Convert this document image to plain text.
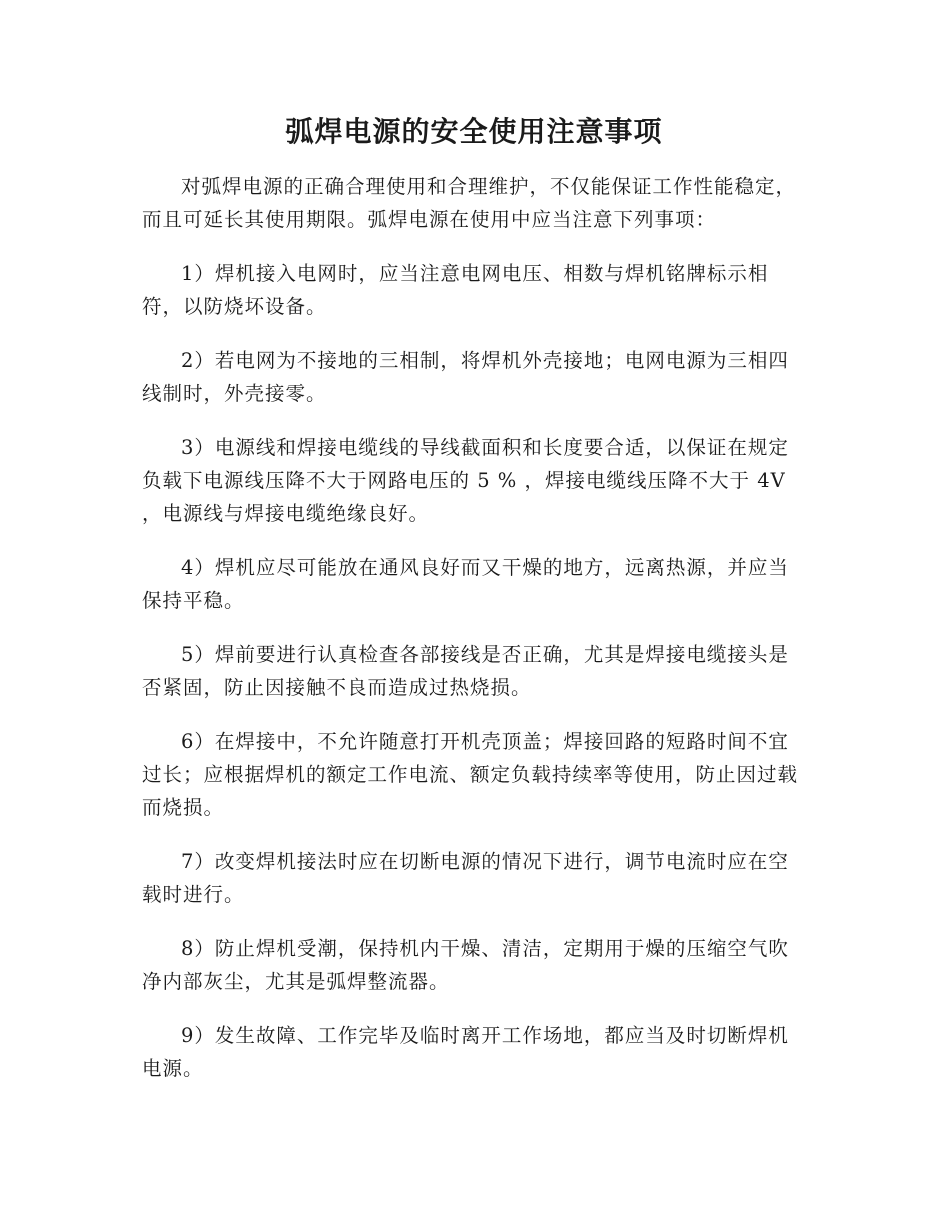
弧焊电源的安全使用注意事项

对弧焊电源的正确合理使用和合理维护，不仅能保证工作性能稳定，而且可延长其使用期限。弧焊电源在使用中应当注意下列事项：

1）焊机接入电网时，应当注意电网电压、相数与焊机铭牌标示相符，以防烧坏设备。

2）若电网为不接地的三相制，将焊机外壳接地；电网电源为三相四线制时，外壳接零。

3）电源线和焊接电缆线的导线截面积和长度要合适，以保证在规定负载下电源线压降不大于网路电压的 5 % ，焊接电缆线压降不大于 4V ，电源线与焊接电缆绝缘良好。

4）焊机应尽可能放在通风良好而又干燥的地方，远离热源，并应当保持平稳。

5）焊前要进行认真检查各部接线是否正确，尤其是焊接电缆接头是否紧固，防止因接触不良而造成过热烧损。

6）在焊接中，不允许随意打开机壳顶盖；焊接回路的短路时间不宜过长；应根据焊机的额定工作电流、额定负载持续率等使用，防止因过载而烧损。

7）改变焊机接法时应在切断电源的情况下进行，调节电流时应在空载时进行。

8）防止焊机受潮，保持机内干燥、清洁，定期用于燥的压缩空气吹净内部灰尘，尤其是弧焊整流器。

9）发生故障、工作完毕及临时离开工作场地，都应当及时切断焊机电源。
